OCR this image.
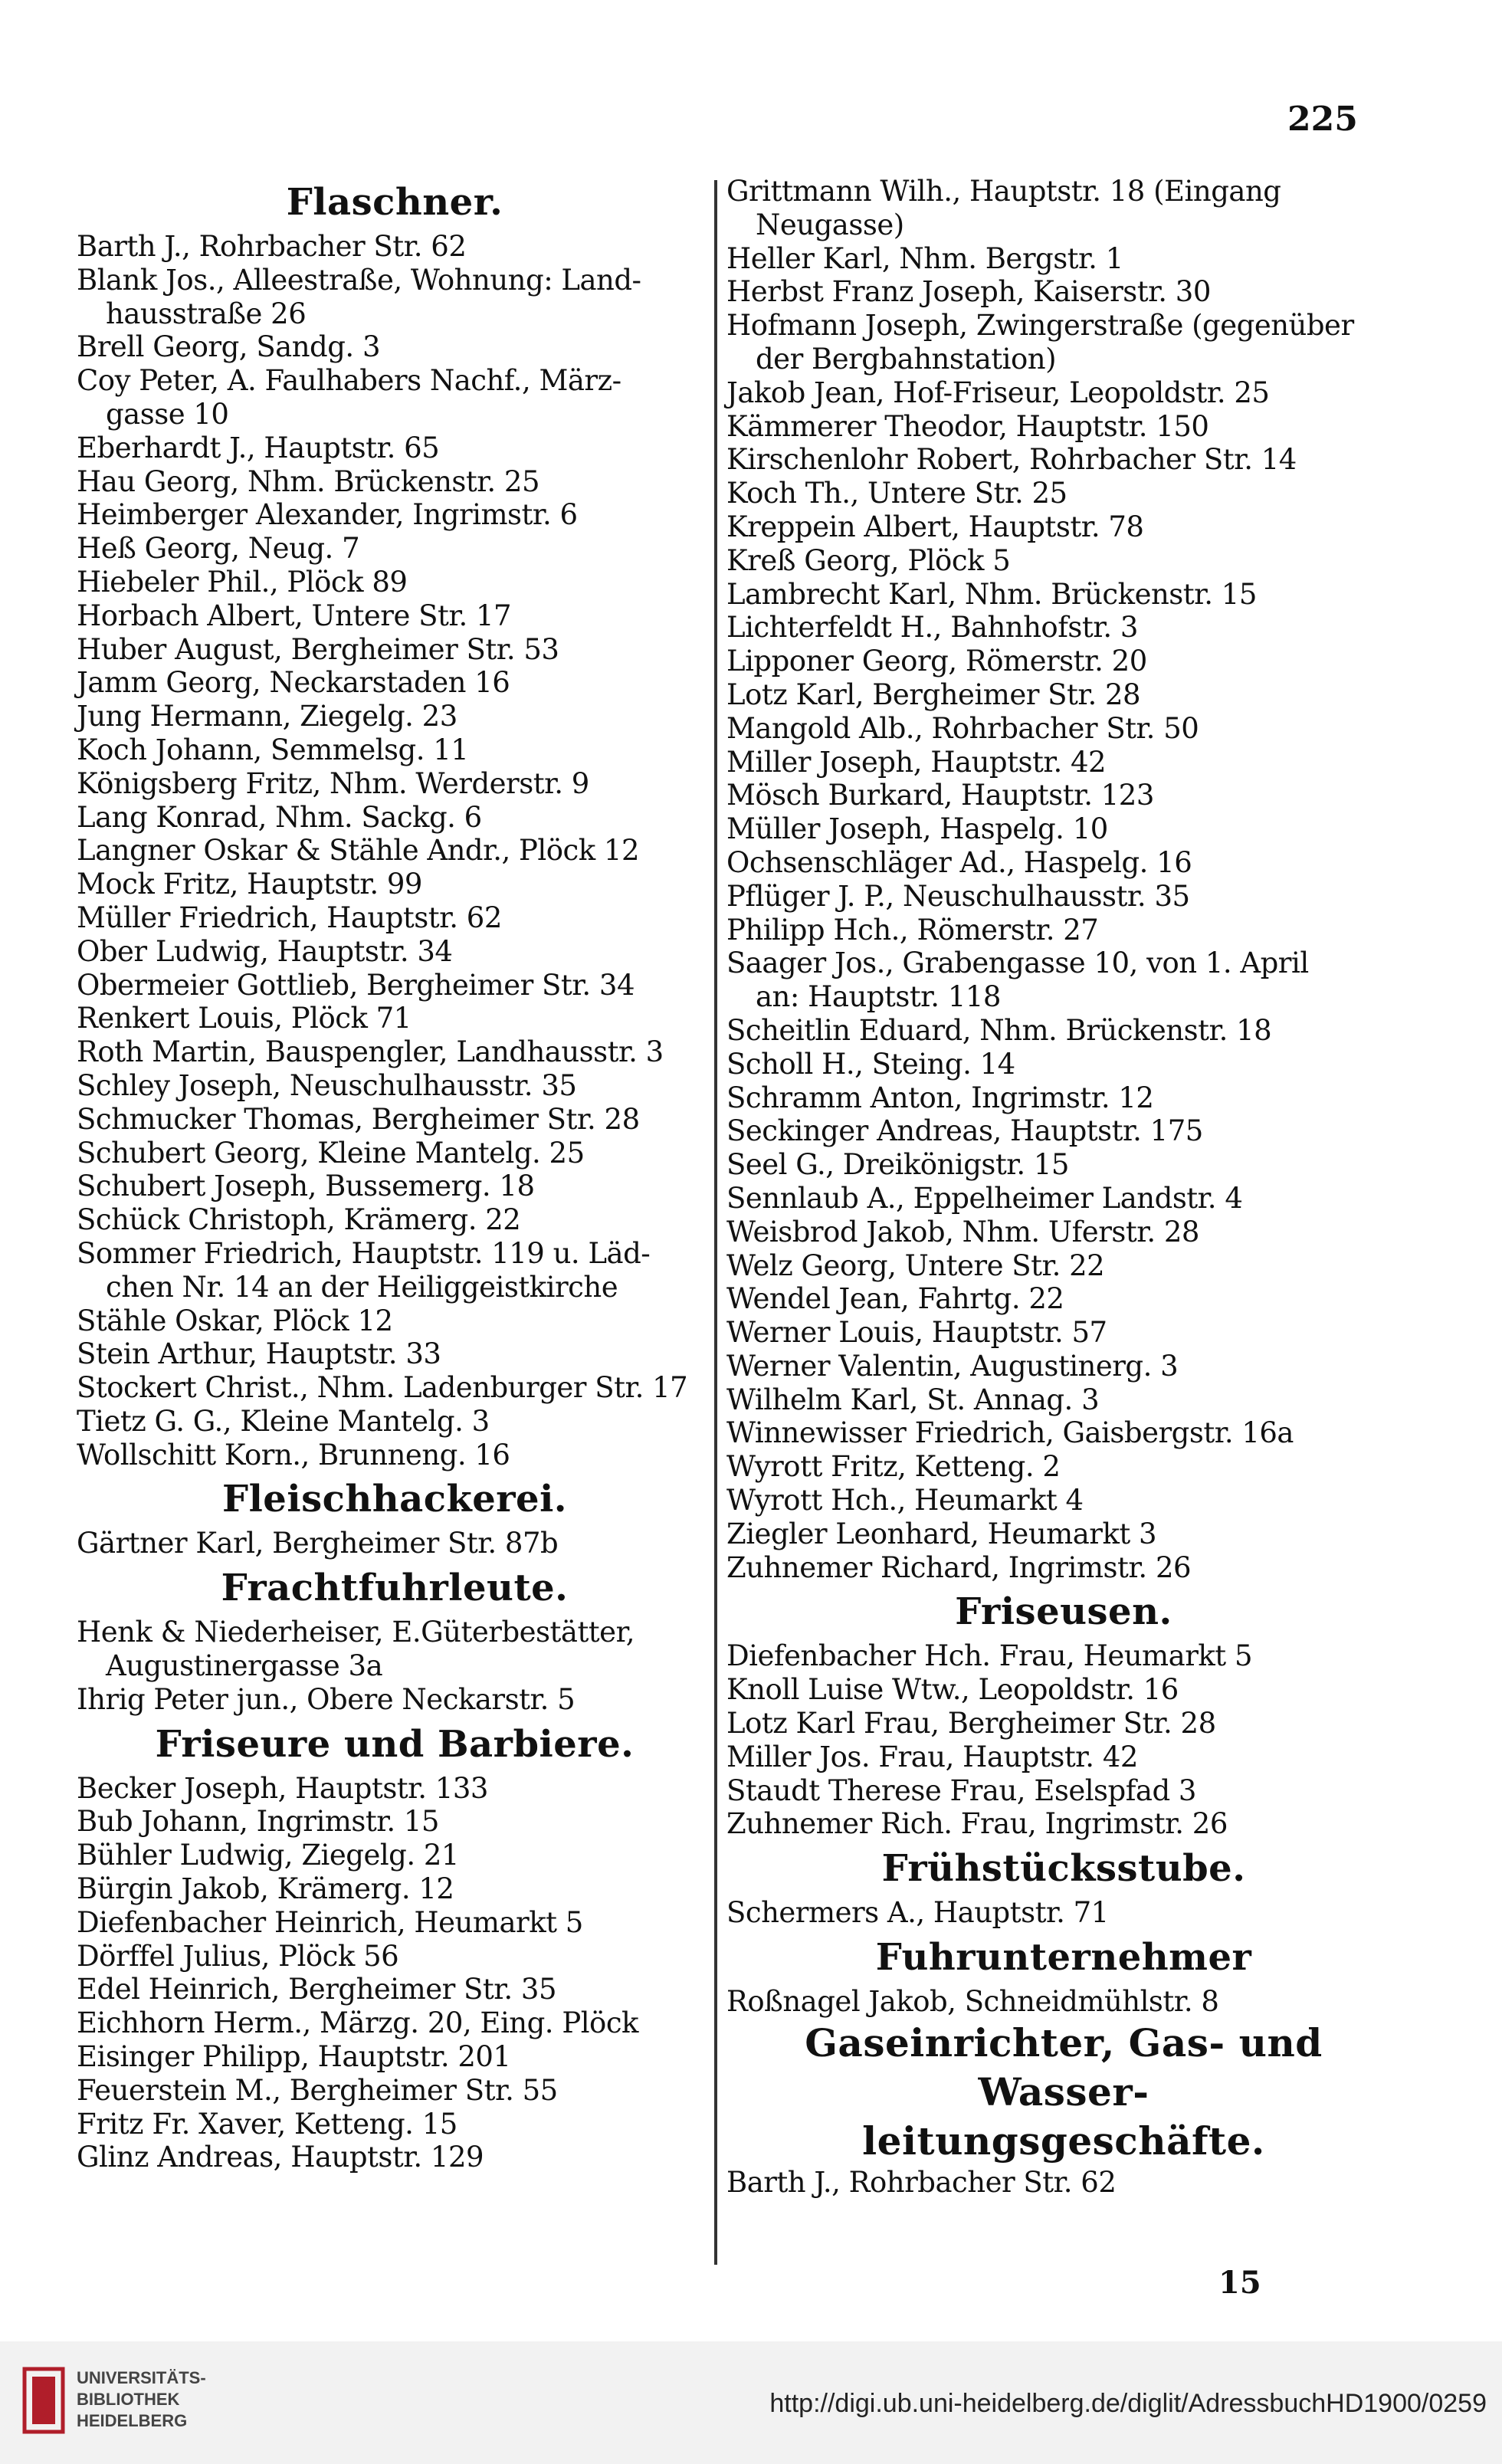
225
Flaschner.
Barth J., Rohrbacher Str. 62
Blank Jos., Alleestraße, Wohnung: Land-
hausstraße 26
Brell Georg, Sandg. 3
Coy Peter, A. Faulhabers Nachf., März-
gasse 10
Eberhardt J., Hauptstr. 65
Hau Georg, Nhm. Brückenstr. 25
Heimberger Alexander, Ingrimstr. 6
Heß Georg, Neug. 7
Hiebeler Phil., Plöck 89
Horbach Albert, Untere Str. 17
Huber August, Bergheimer Str. 53
Jamm Georg, Neckarstaden 16
Jung Hermann, Ziegelg. 23
Koch Johann, Semmelsg. 11
Königsberg Fritz, Nhm. Werderstr. 9
Lang Konrad, Nhm. Sackg. 6
Langner Oskar & Stähle Andr., Plöck 12
Mock Fritz, Hauptstr. 99
Müller Friedrich, Hauptstr. 62
Ober Ludwig, Hauptstr. 34
Obermeier Gottlieb, Bergheimer Str. 34
Renkert Louis, Plöck 71
Roth Martin, Bauspengler, Landhausstr. 3
Schley Joseph, Neuschulhausstr. 35
Schmucker Thomas, Bergheimer Str. 28
Schubert Georg, Kleine Mantelg. 25
Schubert Joseph, Bussemerg. 18
Schück Christoph, Krämerg. 22
Sommer Friedrich, Hauptstr. 119 u. Läd-
chen Nr. 14 an der Heiliggeistkirche
Stähle Oskar, Plöck 12
Stein Arthur, Hauptstr. 33
Stockert Christ., Nhm. Ladenburger Str. 17
Tietz G. G., Kleine Mantelg. 3
Wollschitt Korn., Brunneng. 16
Fleischhackerei.
Gärtner Karl, Bergheimer Str. 87b
Frachtfuhrleute.
Henk & Niederheiser, E.Güterbestätter,
Augustinergasse 3a
Ihrig Peter jun., Obere Neckarstr. 5
Friseure und Barbiere.
Becker Joseph, Hauptstr. 133
Bub Johann, Ingrimstr. 15
Bühler Ludwig, Ziegelg. 21
Bürgin Jakob, Krämerg. 12
Diefenbacher Heinrich, Heumarkt 5
Dörffel Julius, Plöck 56
Edel Heinrich, Bergheimer Str. 35
Eichhorn Herm., Märzg. 20, Eing. Plöck
Eisinger Philipp, Hauptstr. 201
Feuerstein M., Bergheimer Str. 55
Fritz Fr. Xaver, Ketteng. 15
Glinz Andreas, Hauptstr. 129
Grittmann Wilh., Hauptstr. 18 (Eingang
Neugasse)
Heller Karl, Nhm. Bergstr. 1
Herbst Franz Joseph, Kaiserstr. 30
Hofmann Joseph, Zwingerstraße (gegenüber
der Bergbahnstation)
Jakob Jean, Hof-Friseur, Leopoldstr. 25
Kämmerer Theodor, Hauptstr. 150
Kirschenlohr Robert, Rohrbacher Str. 14
Koch Th., Untere Str. 25
Kreppein Albert, Hauptstr. 78
Kreß Georg, Plöck 5
Lambrecht Karl, Nhm. Brückenstr. 15
Lichterfeldt H., Bahnhofstr. 3
Lipponer Georg, Römerstr. 20
Lotz Karl, Bergheimer Str. 28
Mangold Alb., Rohrbacher Str. 50
Miller Joseph, Hauptstr. 42
Mösch Burkard, Hauptstr. 123
Müller Joseph, Haspelg. 10
Ochsenschläger Ad., Haspelg. 16
Pflüger J. P., Neuschulhausstr. 35
Philipp Hch., Römerstr. 27
Saager Jos., Grabengasse 10, von 1. April
an: Hauptstr. 118
Scheitlin Eduard, Nhm. Brückenstr. 18
Scholl H., Steing. 14
Schramm Anton, Ingrimstr. 12
Seckinger Andreas, Hauptstr. 175
Seel G., Dreikönigstr. 15
Sennlaub A., Eppelheimer Landstr. 4
Weisbrod Jakob, Nhm. Uferstr. 28
Welz Georg, Untere Str. 22
Wendel Jean, Fahrtg. 22
Werner Louis, Hauptstr. 57
Werner Valentin, Augustinerg. 3
Wilhelm Karl, St. Annag. 3
Winnewisser Friedrich, Gaisbergstr. 16a
Wyrott Fritz, Ketteng. 2
Wyrott Hch., Heumarkt 4
Ziegler Leonhard, Heumarkt 3
Zuhnemer Richard, Ingrimstr. 26
Friseusen.
Diefenbacher Hch. Frau, Heumarkt 5
Knoll Luise Wtw., Leopoldstr. 16
Lotz Karl Frau, Bergheimer Str. 28
Miller Jos. Frau, Hauptstr. 42
Staudt Therese Frau, Eselspfad 3
Zuhnemer Rich. Frau, Ingrimstr. 26
Frühstücksstube.
Schermers A., Hauptstr. 71
Fuhrunternehmer
Roßnagel Jakob, Schneidmühlstr. 8
Gaseinrichter, Gas- und Wasser-
leitungsgeschäfte.
Barth J., Rohrbacher Str. 62
15
UNIVERSITÄTS-
BIBLIOTHEK
HEIDELBERG
http://digi.ub.uni-heidelberg.de/diglit/AdressbuchHD1900/0259
